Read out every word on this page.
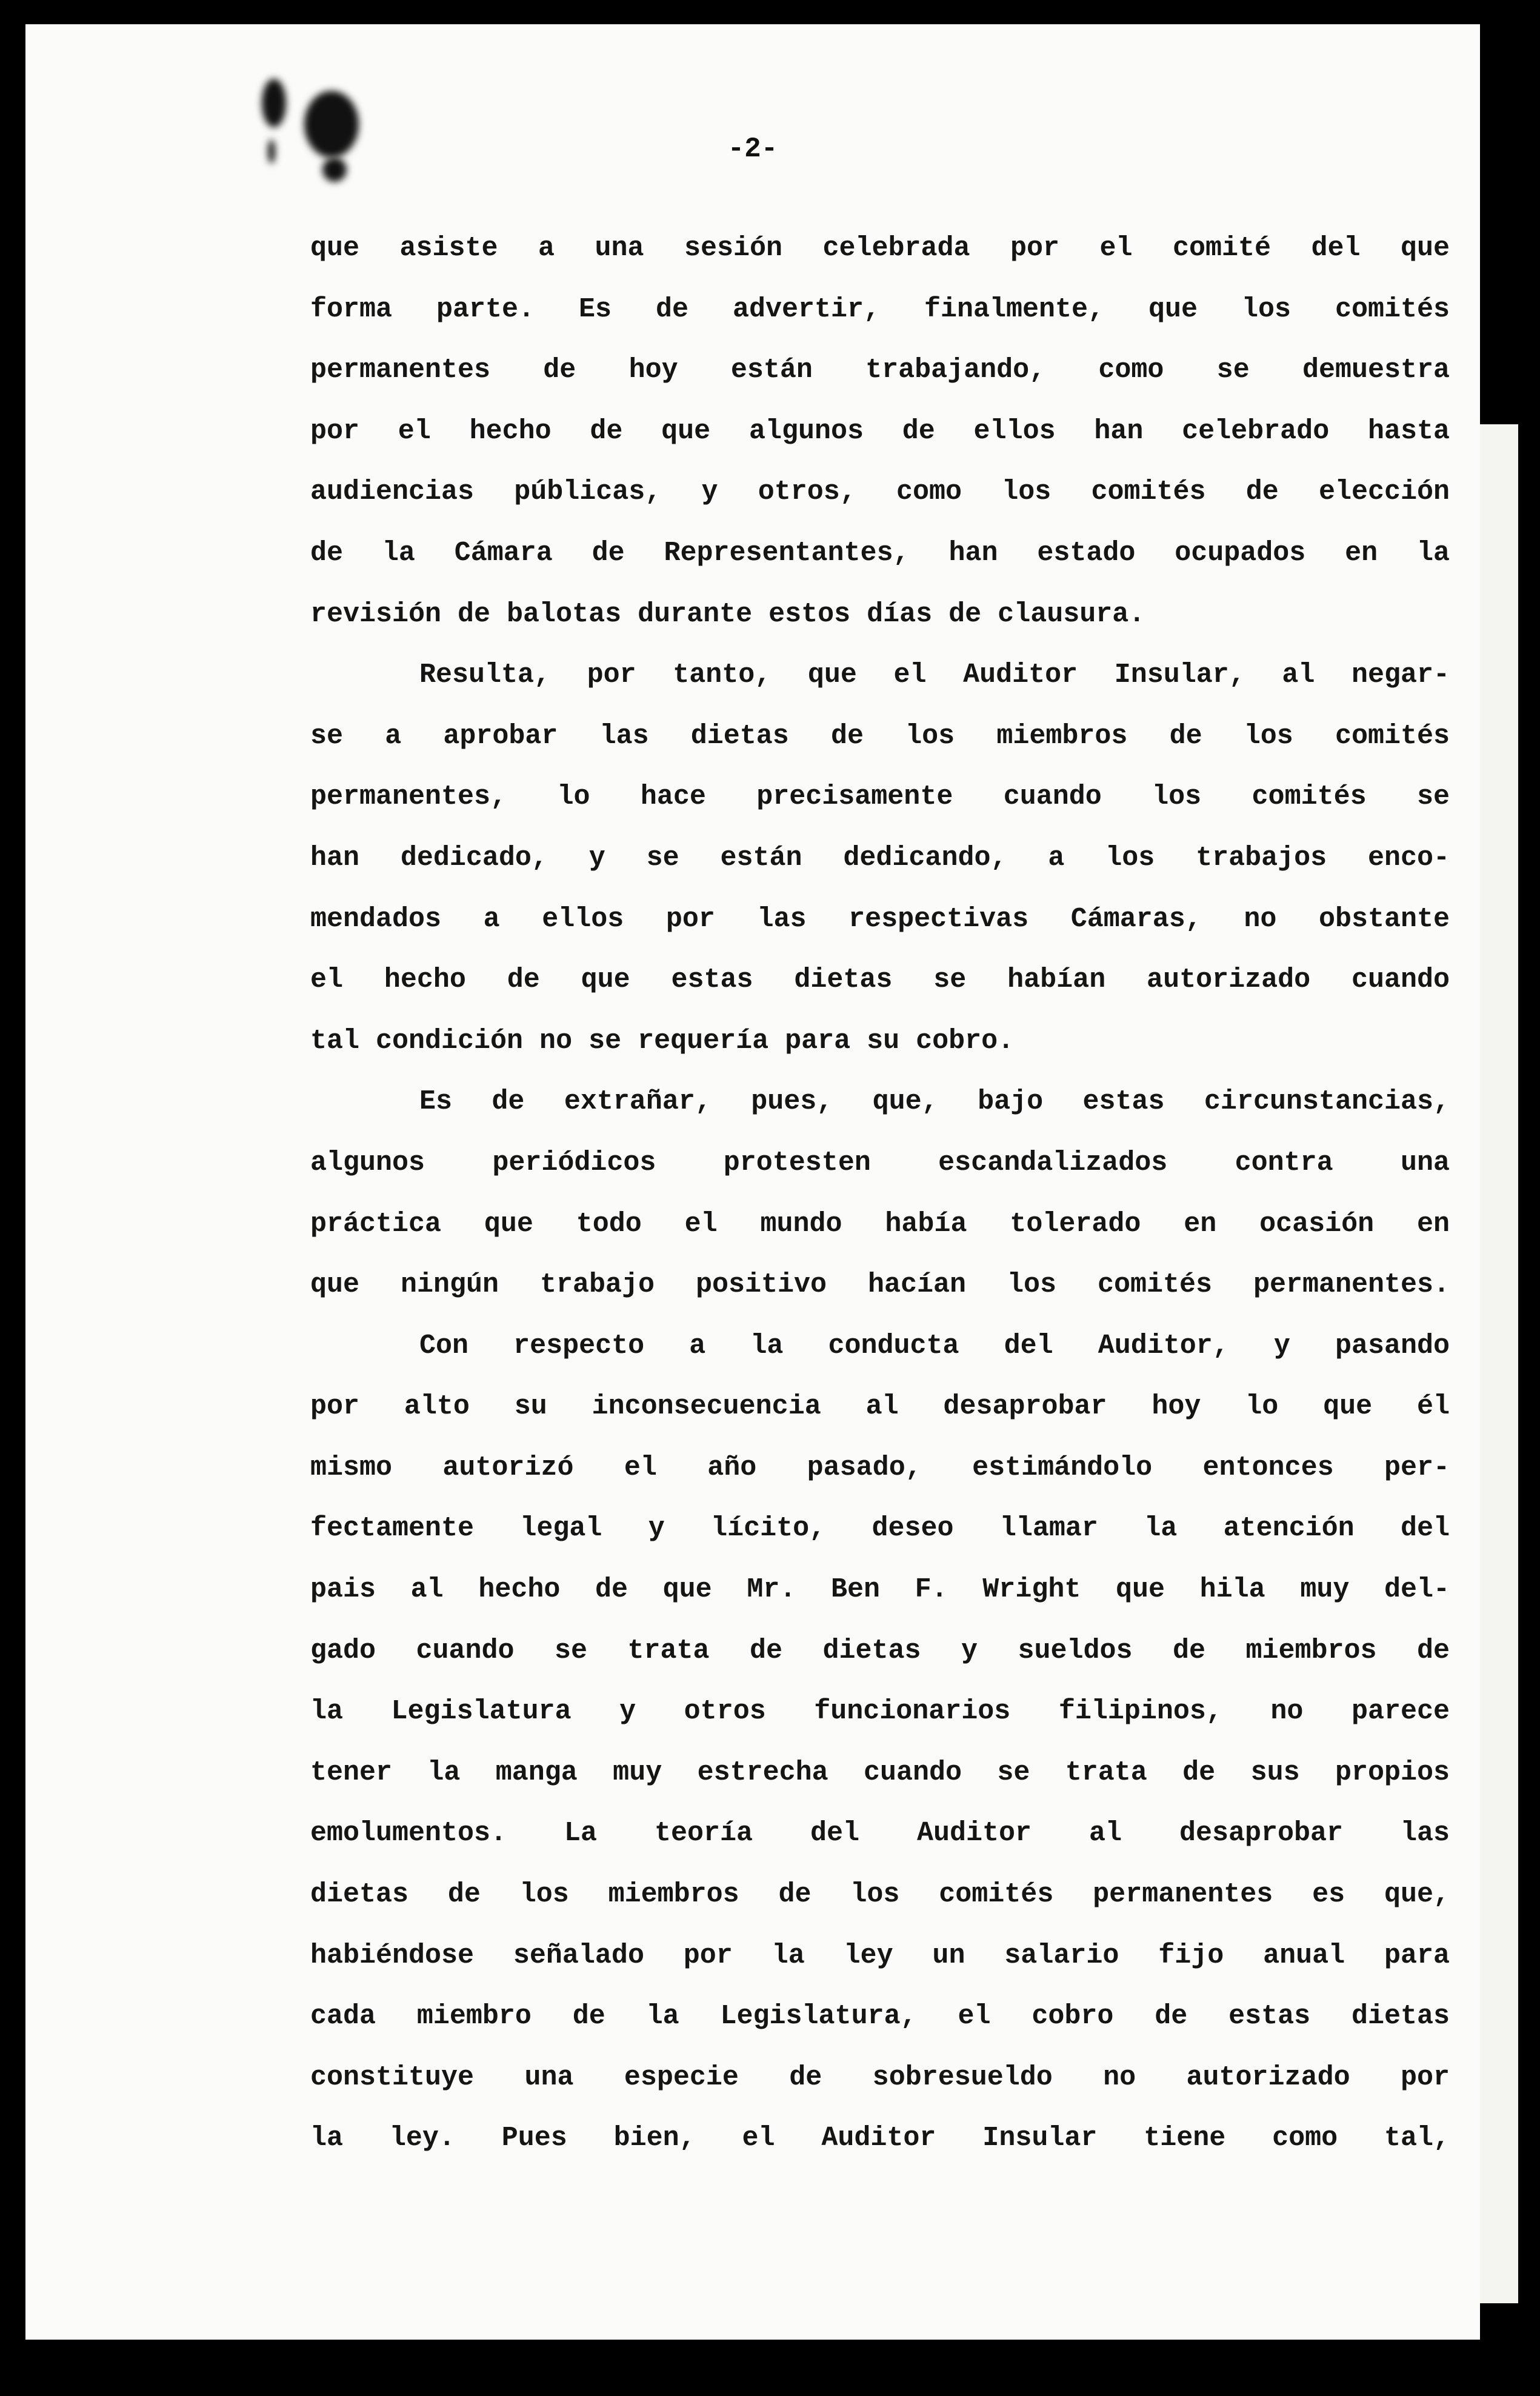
-2-
que asiste a una sesión celebrada por el comité del que
forma parte. Es de advertir, finalmente, que los comités
permanentes de hoy están trabajando, como se demuestra
por el hecho de que algunos de ellos han celebrado hasta
audiencias públicas, y otros, como los comités de elección
de la Cámara de Representantes, han estado ocupados en la
revisión de balotas durante estos días de clausura.
Resulta, por tanto, que el Auditor Insular, al negar-
se a aprobar las dietas de los miembros de los comités
permanentes, lo hace precisamente cuando los comités se
han dedicado, y se están dedicando, a los trabajos enco-
mendados a ellos por las respectivas Cámaras, no obstante
el hecho de que estas dietas se habían autorizado cuando
tal condición no se requería para su cobro.
Es de extrañar, pues, que, bajo estas circunstancias,
algunos periódicos protesten escandalizados contra una
práctica que todo el mundo había tolerado en ocasión en
que ningún trabajo positivo hacían los comités permanentes.
Con respecto a la conducta del Auditor, y pasando
por alto su inconsecuencia al desaprobar hoy lo que él
mismo autorizó el año pasado, estimándolo entonces per-
fectamente legal y lícito, deseo llamar la atención del
pais al hecho de que Mr. Ben F. Wright que hila muy del-
gado cuando se trata de dietas y sueldos de miembros de
la Legislatura y otros funcionarios filipinos, no parece
tener la manga muy estrecha cuando se trata de sus propios
emolumentos. La teoría del Auditor al desaprobar las
dietas de los miembros de los comités permanentes es que,
habiéndose señalado por la ley un salario fijo anual para
cada miembro de la Legislatura, el cobro de estas dietas
constituye una especie de sobresueldo no autorizado por
la ley. Pues bien, el Auditor Insular tiene como tal,
